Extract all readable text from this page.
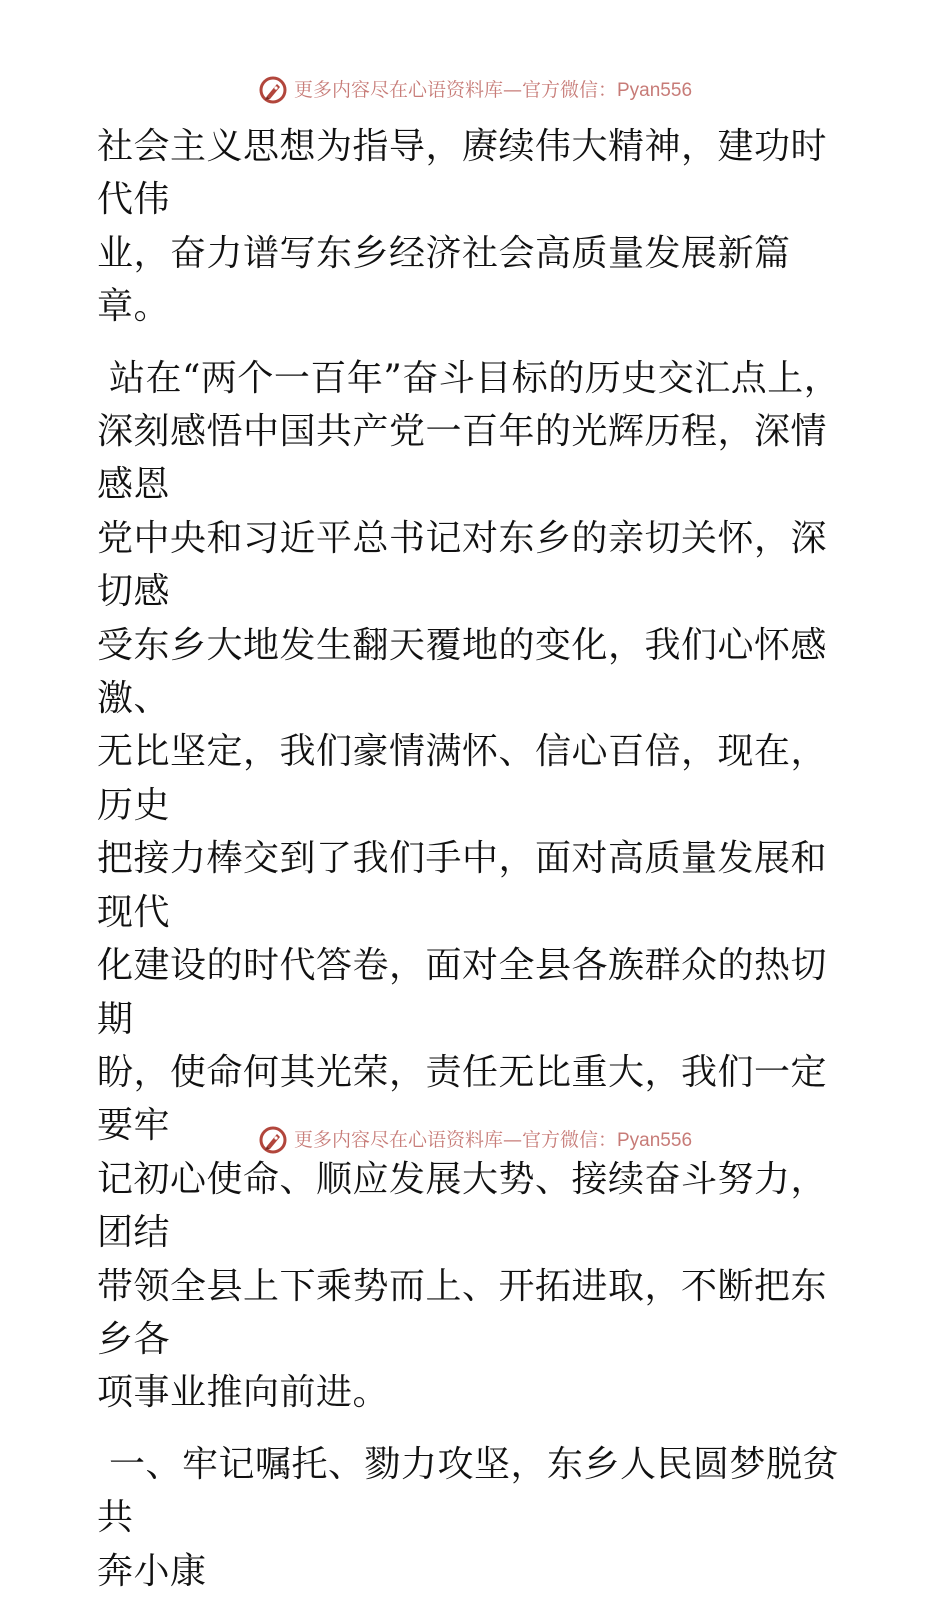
更多内容尽在心语资料库—官方微信： Pyan556

社会主义思想为指导，赓续伟大精神，建功时代伟
业，奋力谱写东乡经济社会高质量发展新篇章。

站在“两个一百年”奋斗目标的历史交汇点上，
深刻感悟中国共产党一百年的光辉历程，深情感恩
党中央和习近平总书记对东乡的亲切关怀，深切感
受东乡大地发生翻天覆地的变化，我们心怀感激、
无比坚定，我们豪情满怀、信心百倍，现在，历史
把接力棒交到了我们手中，面对高质量发展和现代
化建设的时代答卷，面对全县各族群众的热切期
盼，使命何其光荣，责任无比重大，我们一定要牢
记初心使命、顺应发展大势、接续奋斗努力，团结
带领全县上下乘势而上、开拓进取，不断把东乡各
项事业推向前进。

一、牢记嘱托、勠力攻坚，东乡人民圆梦脱贫共
奔小康

更多内容尽在心语资料库—官方微信： Pyan556
